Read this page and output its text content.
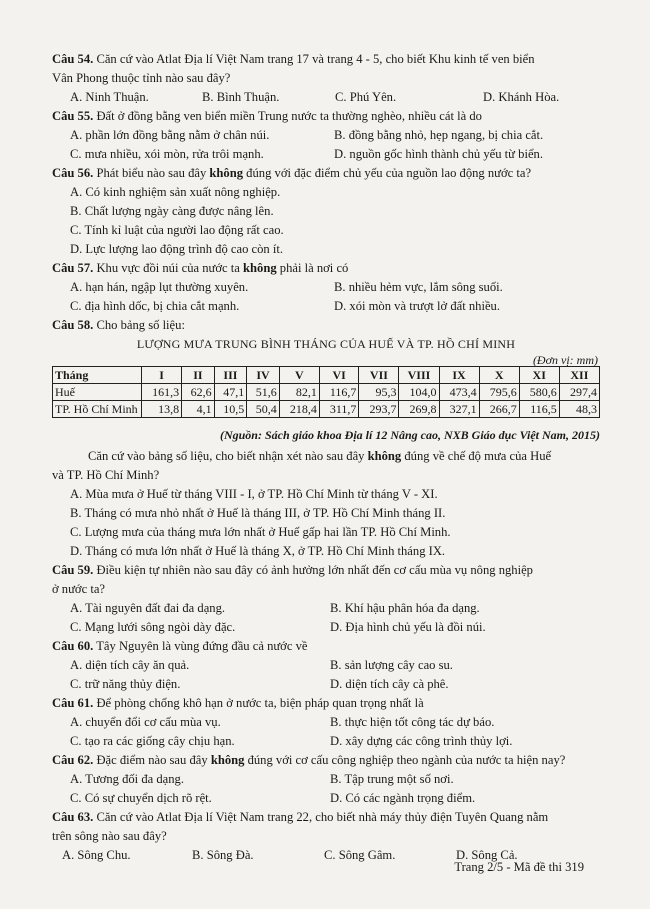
Câu 54. Căn cứ vào Atlat Địa lí Việt Nam trang 17 và trang 4 - 5, cho biết Khu kinh tế ven biển
Vân Phong thuộc tỉnh nào sau đây?
A. Ninh Thuận.	B. Bình Thuận.	C. Phú Yên.	D. Khánh Hòa.
Câu 55. Đất ở đồng bằng ven biển miền Trung nước ta thường nghèo, nhiều cát là do
A. phần lớn đồng bằng nằm ở chân núi.	B. đồng bằng nhỏ, hẹp ngang, bị chia cắt.
C. mưa nhiều, xói mòn, rửa trôi mạnh.	D. nguồn gốc hình thành chủ yếu từ biển.
Câu 56. Phát biểu nào sau đây không đúng với đặc điểm chủ yếu của nguồn lao động nước ta?
A. Có kinh nghiệm sản xuất nông nghiệp.
B. Chất lượng ngày càng được nâng lên.
C. Tính kỉ luật của người lao động rất cao.
D. Lực lượng lao động trình độ cao còn ít.
Câu 57. Khu vực đồi núi của nước ta không phải là nơi có
A. hạn hán, ngập lụt thường xuyên.	B. nhiều hẻm vực, lắm sông suối.
C. địa hình dốc, bị chia cắt mạnh.	D. xói mòn và trượt lở đất nhiều.
Câu 58. Cho bảng số liệu:
LƯỢNG MƯA TRUNG BÌNH THÁNG CỦA HUẾ VÀ TP. HỒ CHÍ MINH
(Đơn vị: mm)
Tháng	I	II	III	IV	V	VI	VII	VIII	IX	X	XI	XII
Huế	161,3	62,6	47,1	51,6	82,1	116,7	95,3	104,0	473,4	795,6	580,6	297,4
TP. Hồ Chí Minh	13,8	4,1	10,5	50,4	218,4	311,7	293,7	269,8	327,1	266,7	116,5	48,3
(Nguồn: Sách giáo khoa Địa lí 12 Nâng cao, NXB Giáo dục Việt Nam, 2015)
Căn cứ vào bảng số liệu, cho biết nhận xét nào sau đây không đúng về chế độ mưa của Huế
và TP. Hồ Chí Minh?
A. Mùa mưa ở Huế từ tháng VIII - I, ở TP. Hồ Chí Minh từ tháng V - XI.
B. Tháng có mưa nhỏ nhất ở Huế là tháng III, ở TP. Hồ Chí Minh tháng II.
C. Lượng mưa của tháng mưa lớn nhất ở Huế gấp hai lần TP. Hồ Chí Minh.
D. Tháng có mưa lớn nhất ở Huế là tháng X, ở TP. Hồ Chí Minh tháng IX.
Câu 59. Điều kiện tự nhiên nào sau đây có ảnh hưởng lớn nhất đến cơ cấu mùa vụ nông nghiệp
ở nước ta?
A. Tài nguyên đất đai đa dạng.	B. Khí hậu phân hóa đa dạng.
C. Mạng lưới sông ngòi dày đặc.	D. Địa hình chủ yếu là đồi núi.
Câu 60. Tây Nguyên là vùng đứng đầu cả nước về
A. diện tích cây ăn quả.	B. sản lượng cây cao su.
C. trữ năng thủy điện.	D. diện tích cây cà phê.
Câu 61. Để phòng chống khô hạn ở nước ta, biện pháp quan trọng nhất là
A. chuyển đổi cơ cấu mùa vụ.	B. thực hiện tốt công tác dự báo.
C. tạo ra các giống cây chịu hạn.	D. xây dựng các công trình thủy lợi.
Câu 62. Đặc điểm nào sau đây không đúng với cơ cấu công nghiệp theo ngành của nước ta hiện nay?
A. Tương đối đa dạng.	B. Tập trung một số nơi.
C. Có sự chuyển dịch rõ rệt.	D. Có các ngành trọng điểm.
Câu 63. Căn cứ vào Atlat Địa lí Việt Nam trang 22, cho biết nhà máy thủy điện Tuyên Quang nằm
trên sông nào sau đây?
A. Sông Chu.	B. Sông Đà.	C. Sông Gâm.	D. Sông Cả.
Trang 2/5 - Mã đề thi 319
